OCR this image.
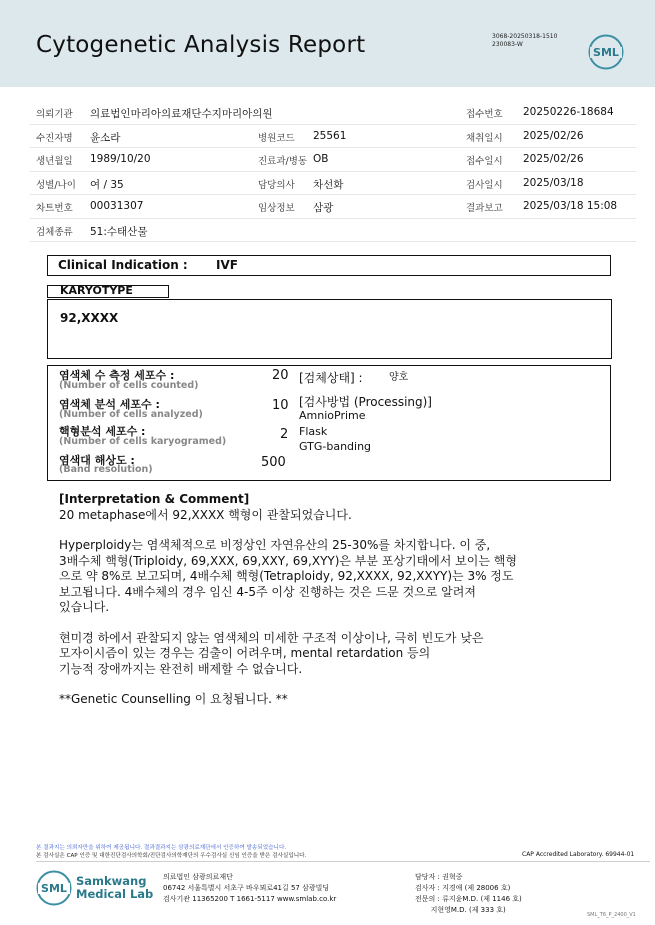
Cytogenetic Analysis Report	3068-20250318-1510
230083-W
SML
의뢰기관 의료법인마리아의료재단수지마리아의원	접수번호 20250226-18684
수진자명 윤소라	병원코드 25561	채취일시 2025/02/26
생년월일 1989/10/20	진료과/병동 OB	접수일시 2025/02/26
성별/나이 여 / 35	담당의사 차선화	검사일시 2025/03/18
차트번호 00031307	임상정보 삼광	결과보고 2025/03/18 15:08
검체종류 51:수태산물
Clinical Indication : IVF
KARYOTYPE
92,XXXX
염색체 수 측정 세포수 :
(Number of cells counted)
20
염색체 분석 세포수 :
(Number of cells analyzed)
10
핵형분석 세포수 :
(Number of cells karyogramed)	2
염색대 해상도 :
(Band resolution)	500
[검체상태] :	양호
[검사방법 (Processing)]
AmnioPrime
Flask
GTG-banding
[Interpretation & Comment]
20 metaphase에서 92,XXXX 핵형이 관찰되었습니다.
Hyperploidy는 염색체적으로 비정상인 자연유산의 25-30%를 차지합니다. 이 중,
3배수체 핵형(Triploidy, 69,XXX, 69,XXY, 69,XYY)은 부분 포상기태에서 보이는 핵형
으로 약 8%로 보고되며, 4배수체 핵형(Tetraploidy, 92,XXXX, 92,XXYY)는 3% 정도
보고됩니다. 4배수체의 경우 임신 4-5주 이상 진행하는 것은 드문 것으로 알려져
있습니다.
현미경 하에서 관찰되지 않는 염색체의 미세한 구조적 이상이나, 극히 빈도가 낮은
모자이시즘이 있는 경우는 검출이 어려우며, mental retardation 등의
기능적 장애까지는 완전히 배제할 수 없습니다.
**Genetic Counselling 이 요청됩니다. **
본 결과지는 의뢰자만을 위하여 제공됩니다. 결과결과지는 삼광의료재단에서 인증하여 발송되었습니다.
본 검사실은 CAP 인증 및 대한진단검사의학회/진단검사의학재단의 우수검사실 신임 인증을 받은 검사실입니다.	CAP Accredited Laboratory. 69944-01
SML
Samkwang
Medical Lab
의료법인 삼광의료재단
06742 서울특별시 서초구 바우뫼로41길 57 삼광빌딩
검사기관 11365200 T 1661-5117 www.smlab.co.kr
담당자 : 권혁중
검사자 : 지경애 (제 28006 호)
전문의 : 류지윤M.D. (제 1146 호)
지현영M.D. (제 333 호)
SML_T6_P_2400_V1
